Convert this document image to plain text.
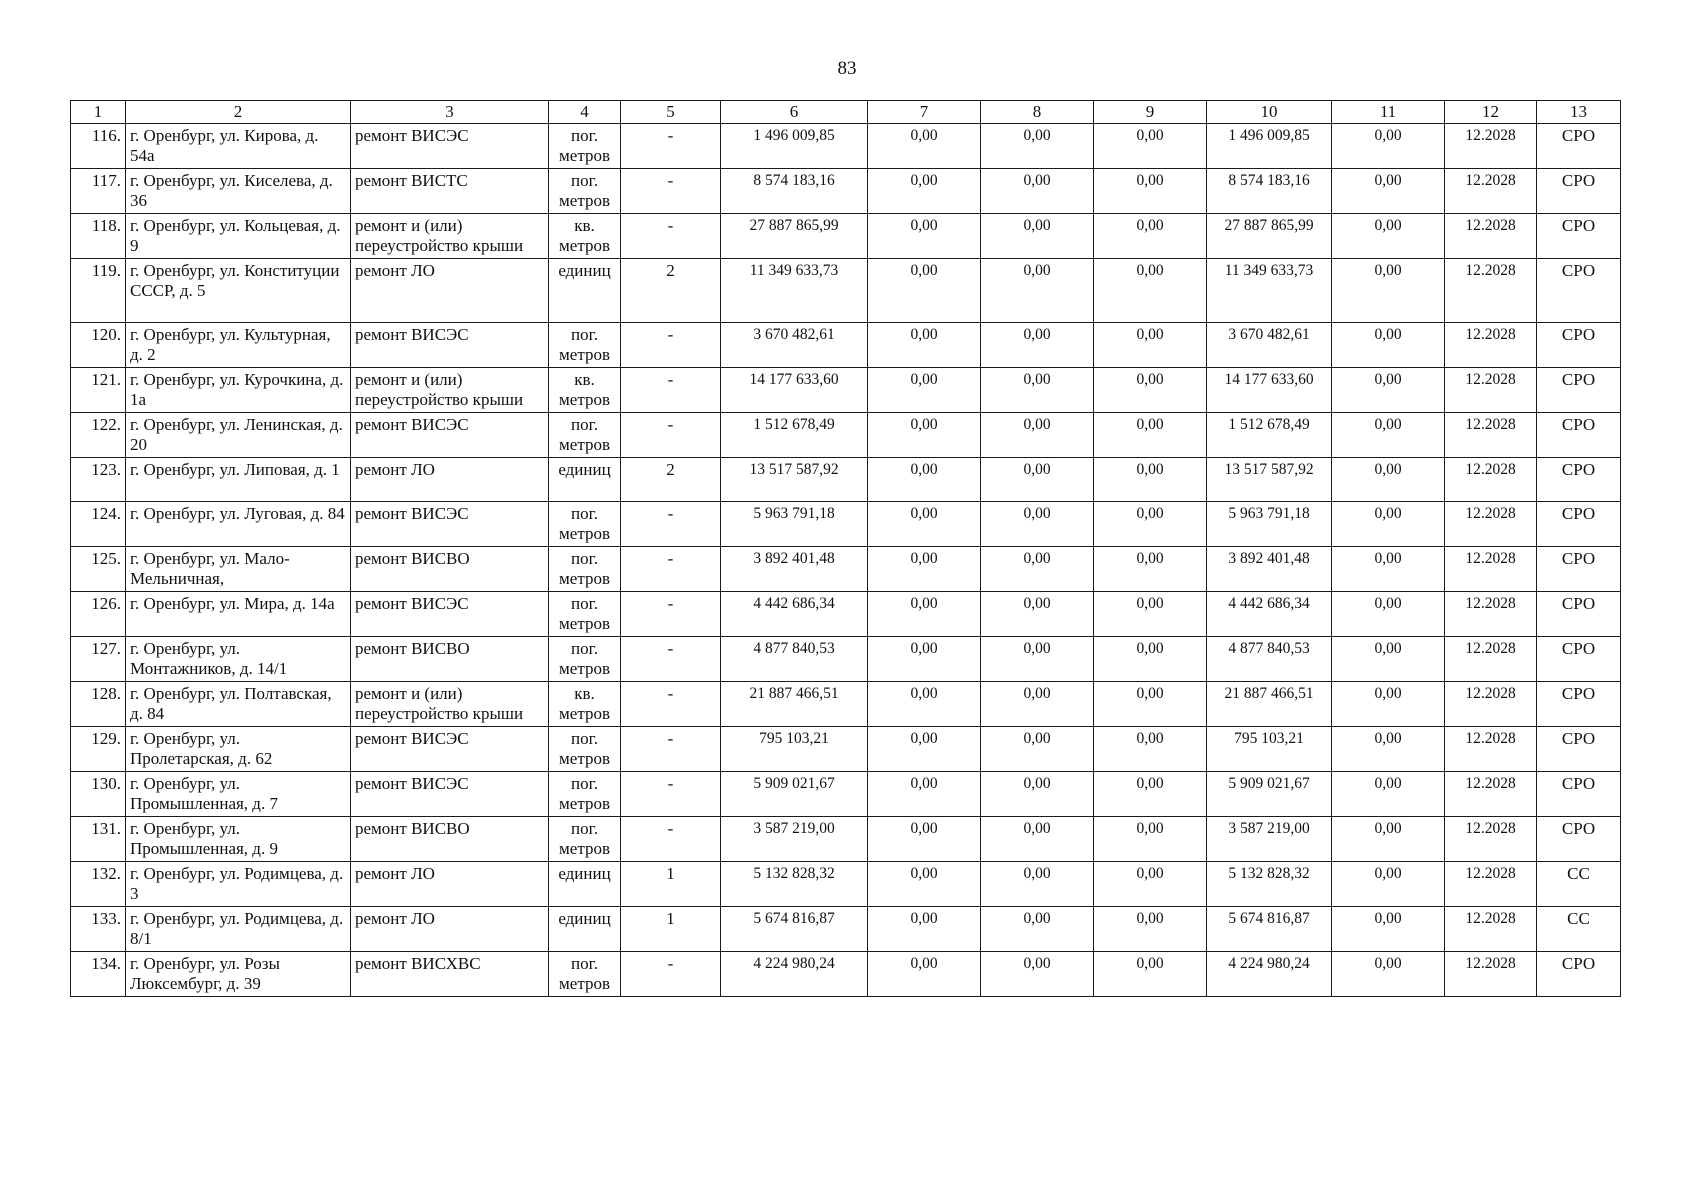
83
1	2	3	4	5	6	7	8	9	10	11	12	13
116.	г. Оренбург, ул. Кирова, д. 54а	ремонт ВИСЭС	пог. метров	-	1 496 009,85	0,00	0,00	0,00	1 496 009,85	0,00	12.2028	СРО
117.	г. Оренбург, ул. Киселева, д. 36	ремонт ВИСТС	пог. метров	-	8 574 183,16	0,00	0,00	0,00	8 574 183,16	0,00	12.2028	СРО
118.	г. Оренбург, ул. Кольцевая, д. 9	ремонт и (или) переустройство крыши	кв. метров	-	27 887 865,99	0,00	0,00	0,00	27 887 865,99	0,00	12.2028	СРО
119.	г. Оренбург, ул. Конституции СССР, д. 5	ремонт ЛО	единиц	2	11 349 633,73	0,00	0,00	0,00	11 349 633,73	0,00	12.2028	СРО
120.	г. Оренбург, ул. Культурная, д. 2	ремонт ВИСЭС	пог. метров	-	3 670 482,61	0,00	0,00	0,00	3 670 482,61	0,00	12.2028	СРО
121.	г. Оренбург, ул. Курочкина, д. 1а	ремонт и (или) переустройство крыши	кв. метров	-	14 177 633,60	0,00	0,00	0,00	14 177 633,60	0,00	12.2028	СРО
122.	г. Оренбург, ул. Ленинская, д. 20	ремонт ВИСЭС	пог. метров	-	1 512 678,49	0,00	0,00	0,00	1 512 678,49	0,00	12.2028	СРО
123.	г. Оренбург, ул. Липовая, д. 1	ремонт ЛО	единиц	2	13 517 587,92	0,00	0,00	0,00	13 517 587,92	0,00	12.2028	СРО
124.	г. Оренбург, ул. Луговая, д. 84	ремонт ВИСЭС	пог. метров	-	5 963 791,18	0,00	0,00	0,00	5 963 791,18	0,00	12.2028	СРО
125.	г. Оренбург, ул. Мало-Мельничная,	ремонт ВИСВО	пог. метров	-	3 892 401,48	0,00	0,00	0,00	3 892 401,48	0,00	12.2028	СРО
126.	г. Оренбург, ул. Мира, д. 14а	ремонт ВИСЭС	пог. метров	-	4 442 686,34	0,00	0,00	0,00	4 442 686,34	0,00	12.2028	СРО
127.	г. Оренбург, ул. Монтажников, д. 14/1	ремонт ВИСВО	пог. метров	-	4 877 840,53	0,00	0,00	0,00	4 877 840,53	0,00	12.2028	СРО
128.	г. Оренбург, ул. Полтавская, д. 84	ремонт и (или) переустройство крыши	кв. метров	-	21 887 466,51	0,00	0,00	0,00	21 887 466,51	0,00	12.2028	СРО
129.	г. Оренбург, ул. Пролетарская, д. 62	ремонт ВИСЭС	пог. метров	-	795 103,21	0,00	0,00	0,00	795 103,21	0,00	12.2028	СРО
130.	г. Оренбург, ул. Промышленная, д. 7	ремонт ВИСЭС	пог. метров	-	5 909 021,67	0,00	0,00	0,00	5 909 021,67	0,00	12.2028	СРО
131.	г. Оренбург, ул. Промышленная, д. 9	ремонт ВИСВО	пог. метров	-	3 587 219,00	0,00	0,00	0,00	3 587 219,00	0,00	12.2028	СРО
132.	г. Оренбург, ул. Родимцева, д. 3	ремонт ЛО	единиц	1	5 132 828,32	0,00	0,00	0,00	5 132 828,32	0,00	12.2028	СС
133.	г. Оренбург, ул. Родимцева, д. 8/1	ремонт ЛО	единиц	1	5 674 816,87	0,00	0,00	0,00	5 674 816,87	0,00	12.2028	СС
134.	г. Оренбург, ул. Розы Люксембург, д. 39	ремонт ВИСХВС	пог. метров	-	4 224 980,24	0,00	0,00	0,00	4 224 980,24	0,00	12.2028	СРО
